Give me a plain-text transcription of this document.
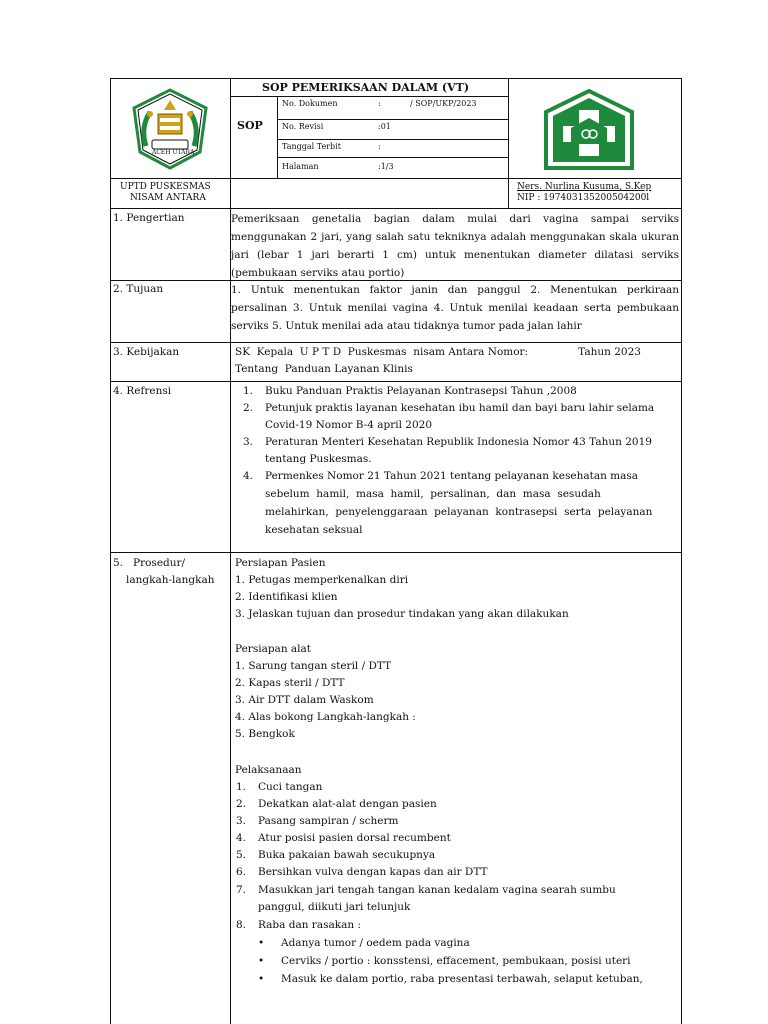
ACEH UTARA
SOP PEMERIKSAAN DALAM (VT)
SOP
No. Dokumen	:	/ SOP/UKP/2023
No. Revisi	:01
Tanggal Terbit	:
Halaman	:1/3
UPTD PUSKESMAS
NISAM ANTARA
Ners. Nurlina Kusuma, S.Kep
NIP : 197403135200504200l
1. Pengertian	Pemeriksaan genetalia bagian dalam mulai dari vagina sampai serviks menggunakan 2 jari, yang salah satu tekniknya adalah menggunakan skala ukuran jari (lebar 1 jari berarti 1 cm) untuk menentukan diameter dilatasi serviks (pembukaan serviks atau portio)
2. Tujuan	1. Untuk menentukan faktor janin dan panggul 2. Menentukan perkiraan persalinan 3. Untuk menilai vagina 4. Untuk menilai keadaan serta pembukaan serviks 5. Untuk menilai ada atau tidaknya tumor pada jalan lahir
3. Kebijakan	SK  Kepala  U P T D  Puskesmas  nisam Antara Nomor:               Tahun 2023
Tentang  Panduan Layanan Klinis
4. Refrensi	1. Buku Panduan Praktis Pelayanan Kontrasepsi Tahun ,2008
2. Petunjuk praktis layanan kesehatan ibu hamil dan bayi baru lahir selama
Covid-19 Nomor B-4 april 2020
3. Peraturan Menteri Kesehatan Republik Indonesia Nomor 43 Tahun 2019
tentang Puskesmas.
4. Permenkes Nomor 21 Tahun 2021 tentang pelayanan kesehatan masa
sebelum  hamil,  masa  hamil,  persalinan,  dan  masa  sesudah
melahirkan,  penyelenggaraan  pelayanan  kontrasepsi  serta  pelayanan
kesehatan seksual
5.   Prosedur/
langkah-langkah
Persiapan Pasien
1. Petugas memperkenalkan diri
2. Identifikasi klien
3. Jelaskan tujuan dan prosedur tindakan yang akan dilakukan
Persiapan alat
1. Sarung tangan steril / DTT
2. Kapas steril / DTT
3. Air DTT dalam Waskom
4. Alas bokong Langkah-langkah :
5. Bengkok
Pelaksanaan
1. Cuci tangan
2. Dekatkan alat-alat dengan pasien
3. Pasang sampiran / scherm
4. Atur posisi pasien dorsal recumbent
5. Buka pakaian bawah secukupnya
6. Bersihkan vulva dengan kapas dan air DTT
7. Masukkan jari tengah tangan kanan kedalam vagina searah sumbu
panggul, diikuti jari telunjuk
8. Raba dan rasakan :
• Adanya tumor / oedem pada vagina
• Cerviks / portio : konsstensi, effacement, pembukaan, posisi uteri
• Masuk ke dalam portio, raba presentasi terbawah, selaput ketuban,
